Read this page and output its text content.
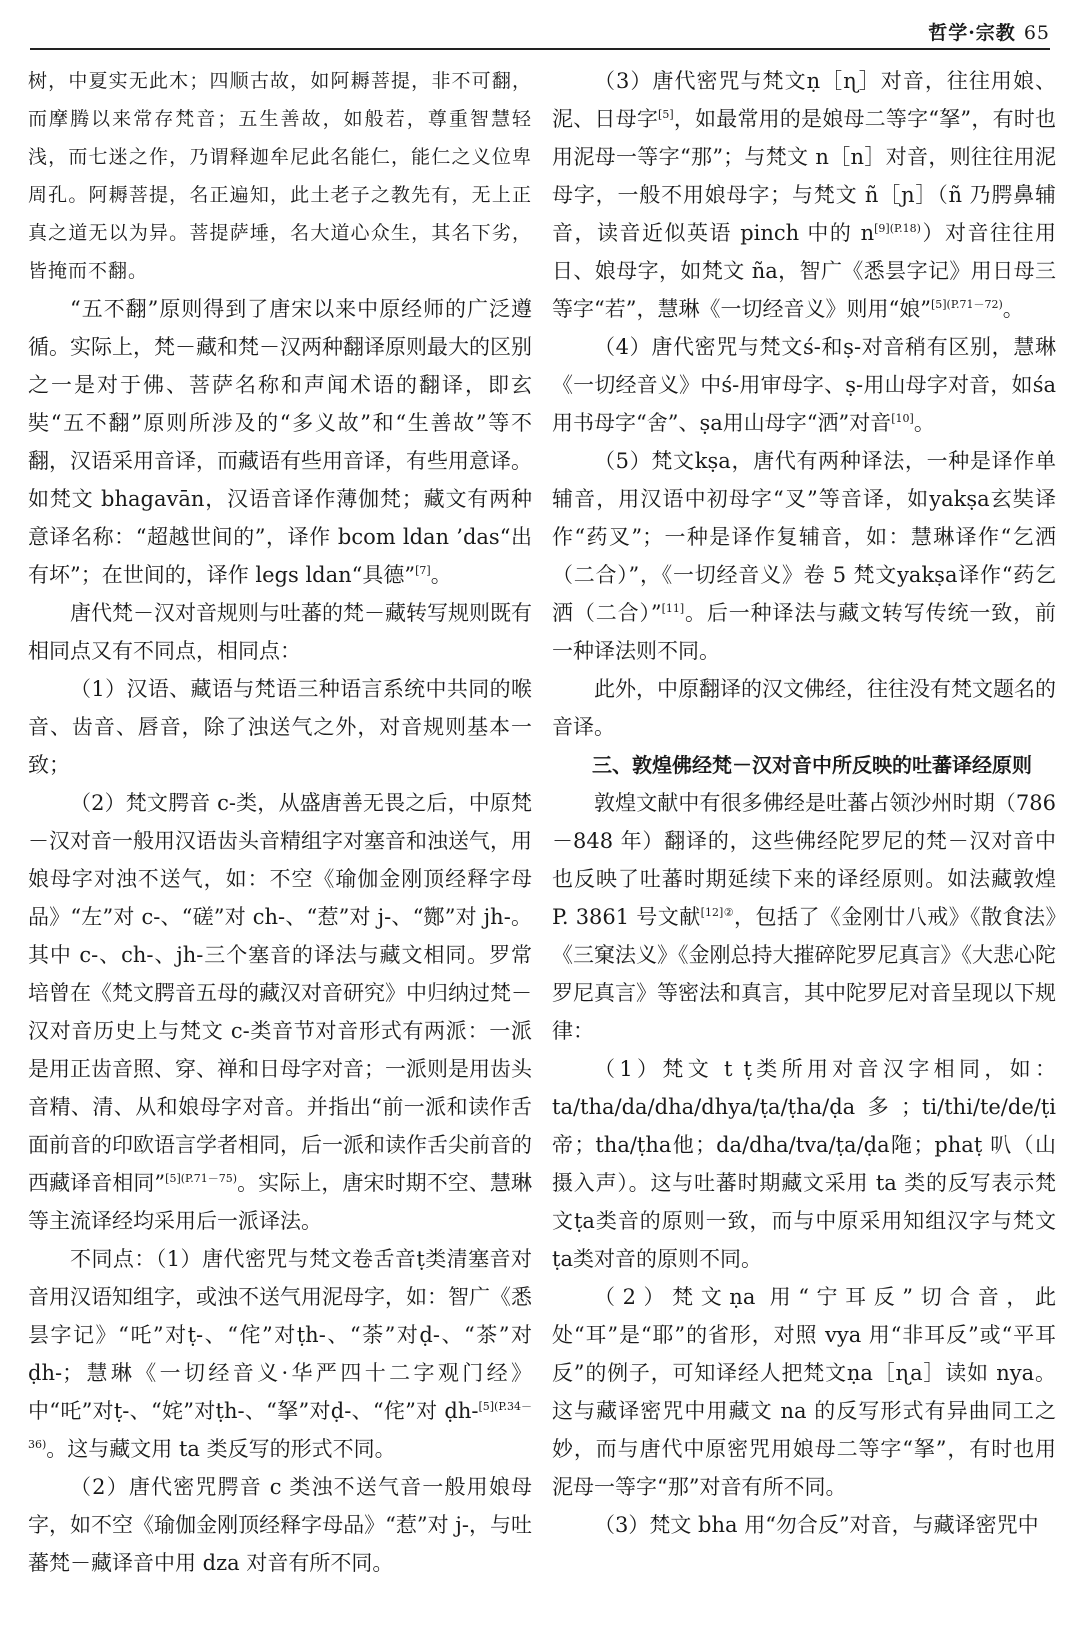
哲学·宗教 65

树，中夏实无此木；四顺古故，如阿耨菩提，非不可翻，而摩腾以来常存梵音；五生善故，如般若，尊重智慧轻浅，而七迷之作，乃谓释迦牟尼此名能仁，能仁之义位卑周孔。阿耨菩提，名正遍知，此土老子之教先有，无上正真之道无以为异。菩提萨埵，名大道心众生，其名下劣，皆掩而不翻。

“五不翻”原则得到了唐宋以来中原经师的广泛遵循。实际上，梵－藏和梵－汉两种翻译原则最大的区别之一是对于佛、菩萨名称和声闻术语的翻译，即玄奘“五不翻”原则所涉及的“多义故”和“生善故”等不翻，汉语采用音译，而藏语有些用音译，有些用意译。如梵文 bhagavān，汉语音译作薄伽梵；藏文有两种意译名称：“超越世间的”，译作 bcom ldan ’das“出有坏”；在世间的，译作 legs ldan“具德”[7]。

唐代梵－汉对音规则与吐蕃的梵－藏转写规则既有相同点又有不同点，相同点：

（1）汉语、藏语与梵语三种语言系统中共同的喉音、齿音、唇音，除了浊送气之外，对音规则基本一致；

（2）梵文腭音 c-类，从盛唐善无畏之后，中原梵－汉对音一般用汉语齿头音精组字对塞音和浊送气，用娘母字对浊不送气，如：不空《瑜伽金刚顶经释字母品》“左”对 c-、“磋”对 ch-、“惹”对 j-、“酂”对 jh-。其中 c-、ch-、jh-三个塞音的译法与藏文相同。罗常培曾在《梵文腭音五母的藏汉对音研究》中归纳过梵－汉对音历史上与梵文 c-类音节对音形式有两派：一派是用正齿音照、穿、禅和日母字对音；一派则是用齿头音精、清、从和娘母字对音。并指出“前一派和读作舌面前音的印欧语言学者相同，后一派和读作舌尖前音的西藏译音相同”$^{[5](P.71-75)}$。实际上，唐宋时期不空、慧琳等主流译经均采用后一派译法。

不同点：（1）唐代密咒与梵文卷舌音ṭ类清塞音对音用汉语知组字，或浊不送气用泥母字，如：智广《悉昙字记》“吒”对ṭ-、“侘”对ṭh-、“荼”对ḍ-、“茶”对ḍh-；慧琳《一切经音义·华严四十二字观门经》中“吒”对ṭ-、“姹”对ṭh-、“拏”对ḍ-、“侘”对 ḍh-$^{[5](P.34-36)}$。这与藏文用 ta 类反写的形式不同。

（2）唐代密咒腭音 c 类浊不送气音一般用娘母字，如不空《瑜伽金刚顶经释字母品》“惹”对 j-，与吐蕃梵－藏译音中用 dza 对音有所不同。

（3）唐代密咒与梵文ṇ［ɳ］对音，往往用娘、泥、日母字[5]，如最常用的是娘母二等字“拏”，有时也用泥母一等字“那”；与梵文 n［n］对音，则往往用泥母字，一般不用娘母字；与梵文 ñ［ɲ］（ñ 乃腭鼻辅音，读音近似英语 pinch 中的 $n^{[9](P.18)}$）对音往往用日、娘母字，如梵文 ña，智广《悉昙字记》用日母三等字“若”，慧琳《一切经音义》则用“娘”$^{[5](P.71-72)}$。

（4）唐代密咒与梵文ś-和ṣ-对音稍有区别，慧琳《一切经音义》中ś-用审母字、ṣ-用山母字对音，如śa用书母字“舍”、ṣa用山母字“洒”对音[10]。

（5）梵文kṣa，唐代有两种译法，一种是译作单辅音，用汉语中初母字“叉”等音译，如yakṣa玄奘译作“药叉”；一种是译作复辅音，如：慧琳译作“乞洒（二合）”，《一切经音义》卷 5 梵文yakṣa译作“药乞洒（二合）”[11]。后一种译法与藏文转写传统一致，前一种译法则不同。

此外，中原翻译的汉文佛经，往往没有梵文题名的音译。

三、敦煌佛经梵－汉对音中所反映的吐蕃译经原则

敦煌文献中有很多佛经是吐蕃占领沙州时期（786－848 年）翻译的，这些佛经陀罗尼的梵－汉对音中也反映了吐蕃时期延续下来的译经原则。如法藏敦煌 P. 3861 号文献$^{[12]②}$，包括了《金刚廿八戒》《散食法》《三窠法义》《金刚总持大摧碎陀罗尼真言》《大悲心陀罗尼真言》等密法和真言，其中陀罗尼对音呈现以下规律：

（1）梵文 t ṭ类所用对音汉字相同，如：ta/tha/da/dha/dhya/ṭa/ṭha/ḍa多；ti/thi/te/de/ṭi 帝；tha/ṭha他；da/dha/tva/ṭa/ḍa陁；phaṭ 叭（山摄入声）。这与吐蕃时期藏文采用 ta 类的反写表示梵文ṭa类音的原则一致，而与中原采用知组汉字与梵文 ṭa类对音的原则不同。

（2）梵文ṇa 用“宁耳反”切合音，此处“耳”是“耶”的省形，对照 vya 用“非耳反”或“平耳反”的例子，可知译经人把梵文ṇa［ɳa］读如 nya。这与藏译密咒中用藏文 na 的反写形式有异曲同工之妙，而与唐代中原密咒用娘母二等字“拏”，有时也用泥母一等字“那”对音有所不同。

（3）梵文 bha 用“勿合反”对音，与藏译密咒中
